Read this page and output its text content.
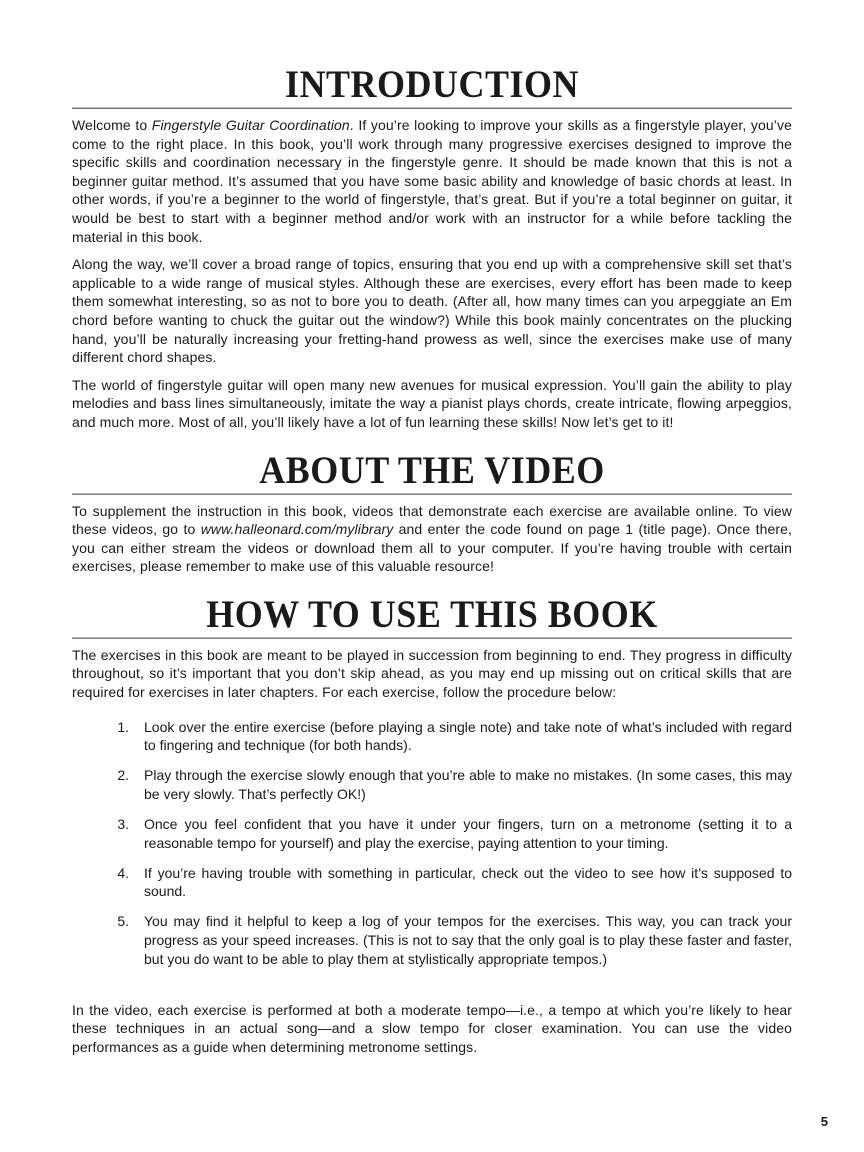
INTRODUCTION

Welcome to Fingerstyle Guitar Coordination. If you’re looking to improve your skills as a fingerstyle player, you’ve come to the right place. In this book, you’ll work through many progressive exercises designed to improve the specific skills and coordination necessary in the fingerstyle genre. It should be made known that this is not a beginner guitar method. It’s assumed that you have some basic ability and knowledge of basic chords at least. In other words, if you’re a beginner to the world of fingerstyle, that’s great. But if you’re a total beginner on guitar, it would be best to start with a beginner method and/or work with an instructor for a while before tackling the material in this book.

Along the way, we’ll cover a broad range of topics, ensuring that you end up with a comprehensive skill set that’s applicable to a wide range of musical styles. Although these are exercises, every effort has been made to keep them somewhat interesting, so as not to bore you to death. (After all, how many times can you arpeggiate an Em chord before wanting to chuck the guitar out the window?) While this book mainly concentrates on the plucking hand, you’ll be naturally increasing your fretting-hand prowess as well, since the exercises make use of many different chord shapes.

The world of fingerstyle guitar will open many new avenues for musical expression. You’ll gain the ability to play melodies and bass lines simultaneously, imitate the way a pianist plays chords, create intricate, flowing arpeggios, and much more. Most of all, you’ll likely have a lot of fun learning these skills! Now let’s get to it!

ABOUT THE VIDEO

To supplement the instruction in this book, videos that demonstrate each exercise are available online. To view these videos, go to www.halleonard.com/mylibrary and enter the code found on page 1 (title page). Once there, you can either stream the videos or download them all to your computer. If you’re having trouble with certain exercises, please remember to make use of this valuable resource!

HOW TO USE THIS BOOK

The exercises in this book are meant to be played in succession from beginning to end. They progress in difficulty throughout, so it’s important that you don’t skip ahead, as you may end up missing out on critical skills that are required for exercises in later chapters. For each exercise, follow the procedure below:

1.	Look over the entire exercise (before playing a single note) and take note of what’s included with regard to fingering and technique (for both hands).
2.	Play through the exercise slowly enough that you’re able to make no mistakes. (In some cases, this may be very slowly. That’s perfectly OK!)
3.	Once you feel confident that you have it under your fingers, turn on a metronome (setting it to a reasonable tempo for yourself) and play the exercise, paying attention to your timing.
4.	If you’re having trouble with something in particular, check out the video to see how it’s supposed to sound.
5.	You may find it helpful to keep a log of your tempos for the exercises. This way, you can track your progress as your speed increases. (This is not to say that the only goal is to play these faster and faster, but you do want to be able to play them at stylistically appropriate tempos.)

In the video, each exercise is performed at both a moderate tempo—i.e., a tempo at which you’re likely to hear these techniques in an actual song—and a slow tempo for closer examination. You can use the video performances as a guide when determining metronome settings.

5
